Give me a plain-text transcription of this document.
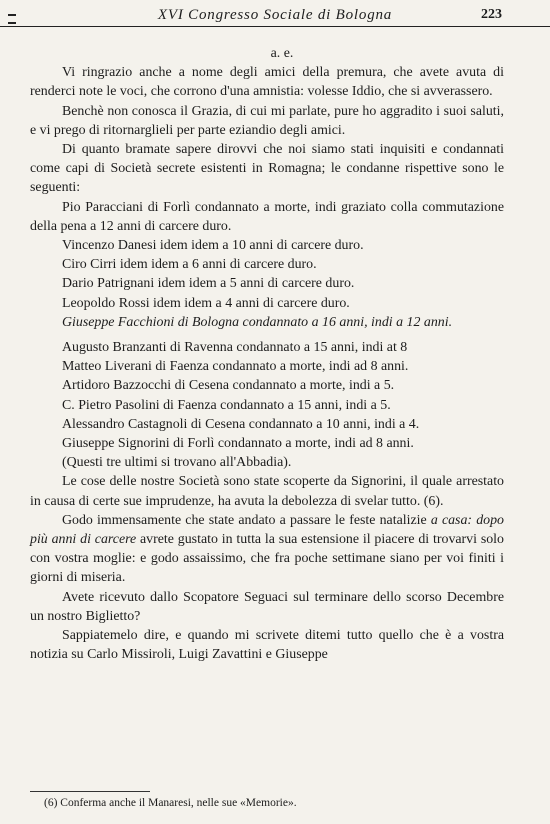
XVI Congresso Sociale di Bologna	223

a. e.

Vi ringrazio anche a nome degli amici della premura, che avete avuta di renderci note le voci, che corrono d'una amnistia: volesse Iddio, che si avverassero.

Benchè non conosca il Grazia, di cui mi parlate, pure ho aggradito i suoi saluti, e vi prego di ritornarglieli per parte eziandio degli amici.

Di quanto bramate sapere dirovvi che noi siamo stati inquisiti e condannati come capi di Società secrete esistenti in Romagna; le condanne rispettive sono le seguenti:

Pio Paracciani di Forlì condannato a morte, indi graziato colla commutazione della pena a 12 anni di carcere duro.

Vincenzo Danesi idem idem a 10 anni di carcere duro.

Ciro Cirri idem idem a 6 anni di carcere duro.

Dario Patrignani idem idem a 5 anni di carcere duro.

Leopoldo Rossi idem idem a 4 anni di carcere duro.

Giuseppe Facchioni di Bologna condannato a 16 anni, indi a 12 anni.

Augusto Branzanti di Ravenna condannato a 15 anni, indi at 8

Matteo Liverani di Faenza condannato a morte, indi ad 8 anni.

Artidoro Bazzocchi di Cesena condannato a morte, indi a 5.

C. Pietro Pasolini di Faenza condannato a 15 anni, indi a 5.

Alessandro Castagnoli di Cesena condannato a 10 anni, indi a 4.

Giuseppe Signorini di Forlì condannato a morte, indi ad 8 anni.

(Questi tre ultimi si trovano all'Abbadia).

Le cose delle nostre Società sono state scoperte da Signorini, il quale arrestato in causa di certe sue imprudenze, ha avuta la debolezza di svelar tutto. (6).

Godo immensamente che state andato a passare le feste natalizie a casa: dopo più anni di carcere avrete gustato in tutta la sua estensione il piacere di trovarvi solo con vostra moglie: e godo assaissimo, che fra poche settimane siano per voi finiti i giorni di miseria.

Avete ricevuto dallo Scopatore Seguaci sul terminare dello scorso Decembre un nostro Biglietto?

Sappiatemelo dire, e quando mi scrivete ditemi tutto quello che è a vostra notizia su Carlo Missiroli, Luigi Zavattini e Giuseppe

(6) Conferma anche il Manaresi, nelle sue «Memorie».
